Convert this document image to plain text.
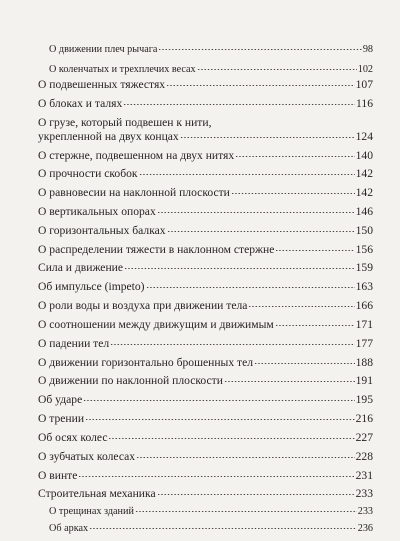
О движении плеч рычага	98
О коленчатых и трехплечих весах	102
О подвешенных тяжестях	107
О блоках и талях	116
О грузе, который подвешен к нити,
укрепленной на двух концах	124
О стержне, подвешенном на двух нитях	140
О прочности скобок	142
О равновесии на наклонной плоскости	142
О вертикальных опорах	146
О горизонтальных балках	150
О распределении тяжести в наклонном стержне	156
Сила и движение	159
Об импульсе (impeto)	163
О роли воды и воздуха при движении тела	166
О соотношении между движущим и движимым	171
О падении тел	177
О движении горизонтально брошенных тел	188
О движении по наклонной плоскости	191
Об ударе	195
О трении	216
Об осях колес	227
О зубчатых колесах	228
О винте	231
Строительная механика	233
О трещинах зданий	233
Об арках	236
